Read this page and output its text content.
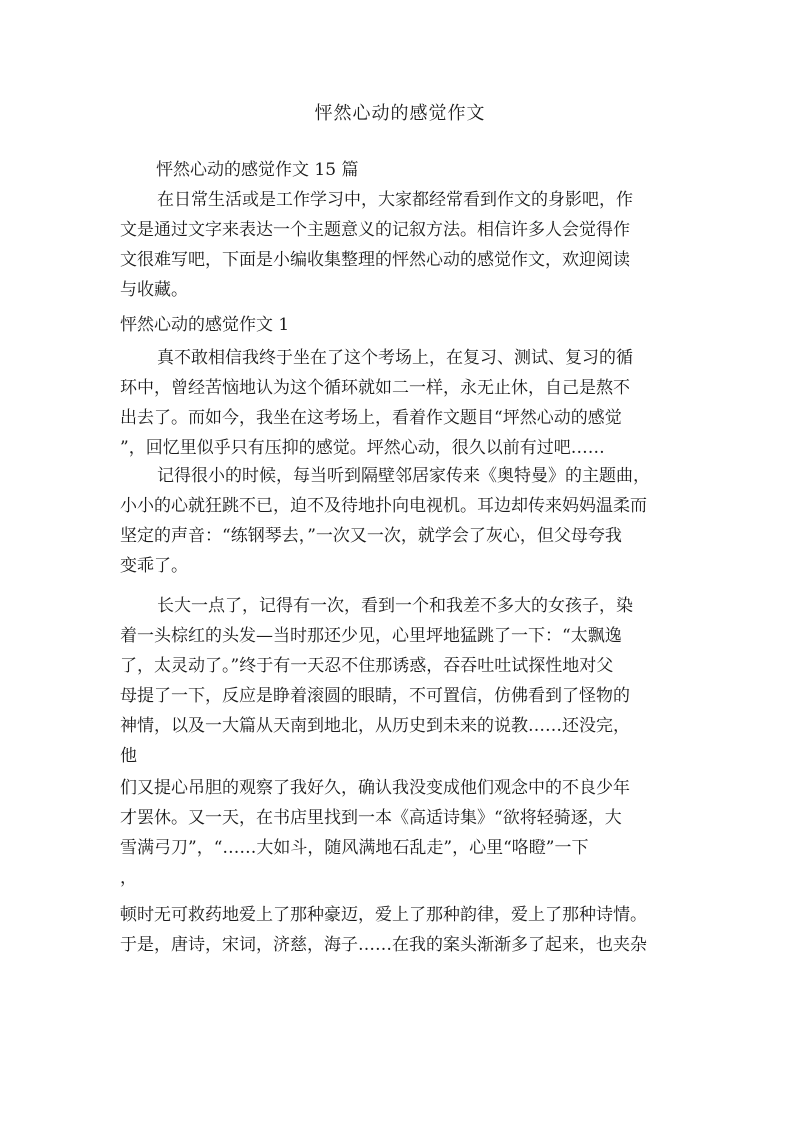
怦然心动的感觉作文
怦然心动的感觉作文 15 篇
在日常生活或是工作学习中，大家都经常看到作文的身影吧，作
文是通过文字来表达一个主题意义的记叙方法。相信许多人会觉得作
文很难写吧，下面是小编收集整理的怦然心动的感觉作文，欢迎阅读
与收藏。
怦然心动的感觉作文 1
真不敢相信我终于坐在了这个考场上，在复习、测试、复习的循
环中，曾经苦恼地认为这个循环就如二一样，永无止休，自己是熬不
出去了。而如今，我坐在这考场上，看着作文题目“坪然心动的感觉
”，回忆里似乎只有压抑的感觉。坪然心动，很久以前有过吧……
记得很小的时候，每当听到隔壁邻居家传来《奥特曼》的主题曲，
小小的心就狂跳不已，迫不及待地扑向电视机。耳边却传来妈妈温柔而
坚定的声音：“练钢琴去，”一次又一次，就学会了灰心，但父母夸我
变乖了。
长大一点了，记得有一次，看到一个和我差不多大的女孩子，染
着一头棕红的头发—当时那还少见，心里坪地猛跳了一下：“太飘逸
了，太灵动了。”终于有一天忍不住那诱惑，吞吞吐吐试探性地对父
母提了一下，反应是睁着滚圆的眼睛，不可置信，仿佛看到了怪物的
神情，以及一大篇从天南到地北，从历史到未来的说教……还没完，
他
们又提心吊胆的观察了我好久，确认我没变成他们观念中的不良少年
才罢休。又一天，在书店里找到一本《高适诗集》“欲将轻骑逐，大
雪满弓刀”，“……大如斗，随风满地石乱走”，心里“咯瞪”一下
，
顿时无可救药地爱上了那种豪迈，爱上了那种韵律，爱上了那种诗情。
于是，唐诗，宋词，济慈，海子……在我的案头渐渐多了起来，也夹杂
